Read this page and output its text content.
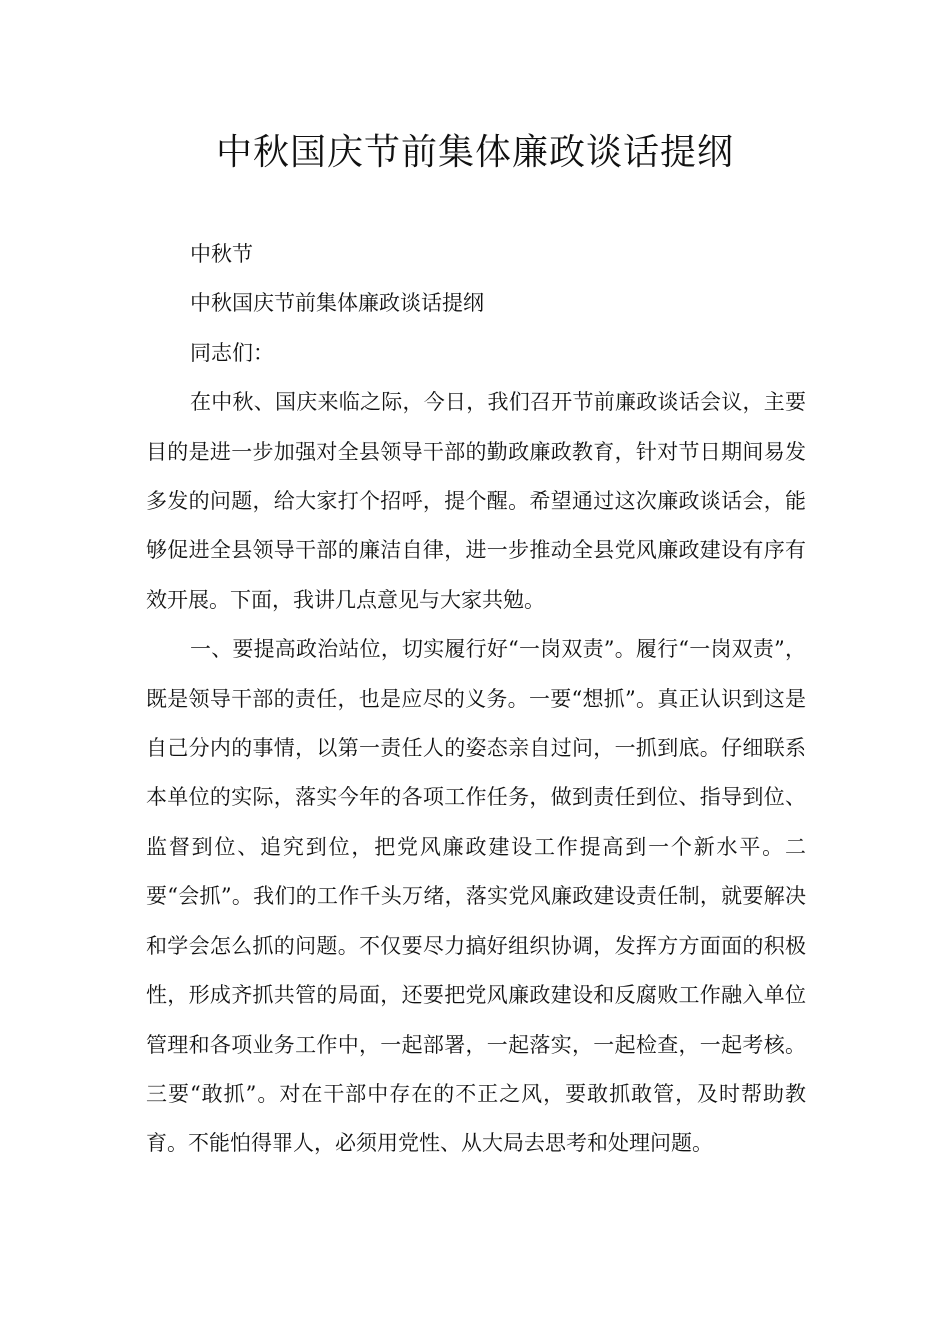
中秋国庆节前集体廉政谈话提纲

中秋节

中秋国庆节前集体廉政谈话提纲

同志们：

在中秋、国庆来临之际，今日，我们召开节前廉政谈话会议，主要目的是进一步加强对全县领导干部的勤政廉政教育，针对节日期间易发多发的问题，给大家打个招呼，提个醒。希望通过这次廉政谈话会，能够促进全县领导干部的廉洁自律，进一步推动全县党风廉政建设有序有效开展。下面，我讲几点意见与大家共勉。

一、要提高政治站位，切实履行好“一岗双责”。履行“一岗双责”，既是领导干部的责任，也是应尽的义务。一要“想抓”。真正认识到这是自己分内的事情，以第一责任人的姿态亲自过问，一抓到底。仔细联系本单位的实际，落实今年的各项工作任务，做到责任到位、指导到位、监督到位、追究到位，把党风廉政建设工作提高到一个新水平。二要“会抓”。我们的工作千头万绪，落实党风廉政建设责任制，就要解决和学会怎么抓的问题。不仅要尽力搞好组织协调，发挥方方面面的积极性，形成齐抓共管的局面，还要把党风廉政建设和反腐败工作融入单位管理和各项业务工作中，一起部署，一起落实，一起检查，一起考核。三要“敢抓”。对在干部中存在的不正之风，要敢抓敢管，及时帮助教育。不能怕得罪人，必须用党性、从大局去思考和处理问题。
